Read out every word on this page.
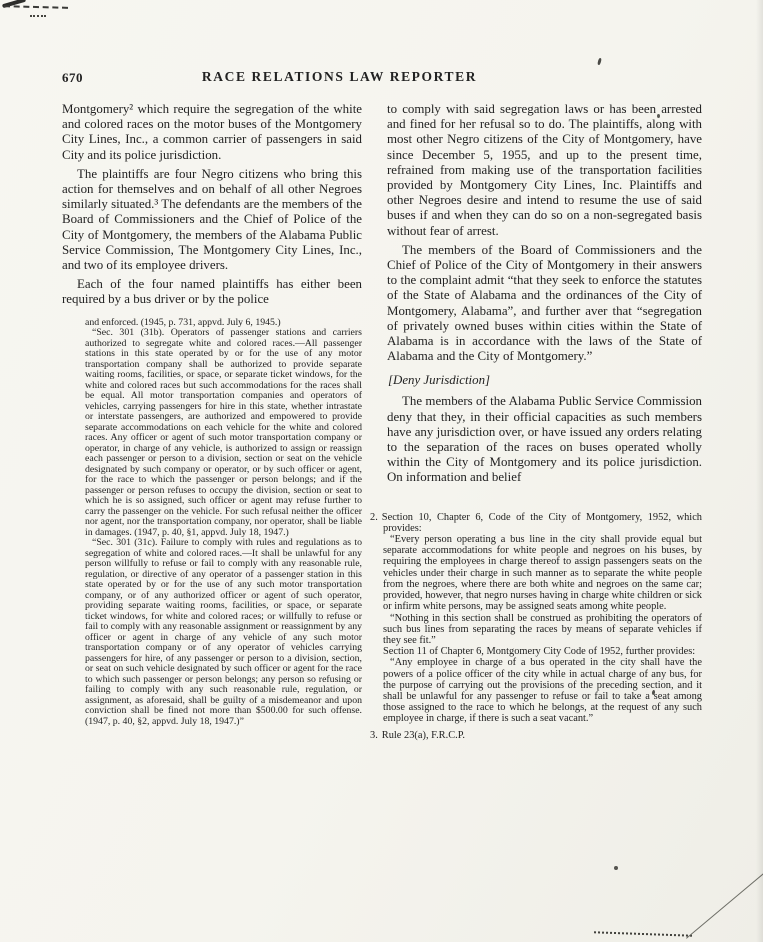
670	RACE RELATIONS LAW REPORTER

Montgomery² which require the segregation of the white and colored races on the motor buses of the Montgomery City Lines, Inc., a common carrier of passengers in said City and its police jurisdiction.

The plaintiffs are four Negro citizens who bring this action for themselves and on behalf of all other Negroes similarly situated.³ The defendants are the members of the Board of Commissioners and the Chief of Police of the City of Montgomery, the members of the Alabama Public Service Commission, The Montgomery City Lines, Inc., and two of its employee drivers.

Each of the four named plaintiffs has either been required by a bus driver or by the police

and enforced. (1945, p. 731, appvd. July 6, 1945.)

“Sec. 301 (31b). Operators of passenger stations and carriers authorized to segregate white and colored races.—All passenger stations in this state operated by or for the use of any motor transportation company shall be authorized to provide separate waiting rooms, facilities, or space, or separate ticket windows, for the white and colored races but such accommodations for the races shall be equal. All motor transportation companies and operators of vehicles, carrying passengers for hire in this state, whether intrastate or interstate passengers, are authorized and empowered to provide separate accommodations on each vehicle for the white and colored races. Any officer or agent of such motor transportation company or operator, in charge of any vehicle, is authorized to assign or reassign each passenger or person to a division, section or seat on the vehicle designated by such company or operator, or by such officer or agent, for the race to which the passenger or person belongs; and if the passenger or person refuses to occupy the division, section or seat to which he is so assigned, such officer or agent may refuse further to carry the passenger on the vehicle. For such refusal neither the officer nor agent, nor the transportation company, nor operator, shall be liable in damages. (1947, p. 40, §1, appvd. July 18, 1947.)

“Sec. 301 (31c). Failure to comply with rules and regulations as to segregation of white and colored races.—It shall be unlawful for any person willfully to refuse or fail to comply with any reasonable rule, regulation, or directive of any operator of a passenger station in this state operated by or for the use of any such motor transportation company, or of any authorized officer or agent of such operator, providing separate waiting rooms, facilities, or space, or separate ticket windows, for white and colored races; or willfully to refuse or fail to comply with any reasonable assignment or reassignment by any officer or agent in charge of any vehicle of any such motor transportation company or of any operator of vehicles carrying passengers for hire, of any passenger or person to a division, section, or seat on such vehicle designated by such officer or agent for the race to which such passenger or person belongs; any person so refusing or failing to comply with any such reasonable rule, regulation, or assignment, as aforesaid, shall be guilty of a misdemeanor and upon conviction shall be fined not more than $500.00 for such offense. (1947, p. 40, §2, appvd. July 18, 1947.)”

to comply with said segregation laws or has been arrested and fined for her refusal so to do. The plaintiffs, along with most other Negro citizens of the City of Montgomery, have since December 5, 1955, and up to the present time, refrained from making use of the transportation facilities provided by Montgomery City Lines, Inc. Plaintiffs and other Negroes desire and intend to resume the use of said buses if and when they can do so on a non-segregated basis without fear of arrest.

The members of the Board of Commissioners and the Chief of Police of the City of Montgomery in their answers to the complaint admit “that they seek to enforce the statutes of the State of Alabama and the ordinances of the City of Montgomery, Alabama”, and further aver that “segregation of privately owned buses within cities within the State of Alabama is in accordance with the laws of the State of Alabama and the City of Montgomery.”

[Deny Jurisdiction]

The members of the Alabama Public Service Commission deny that they, in their official capacities as such members have any jurisdiction over, or have issued any orders relating to the separation of the races on buses operated wholly within the City of Montgomery and its police jurisdiction. On information and belief

2. Section 10, Chapter 6, Code of the City of Montgomery, 1952, which provides:

“Every person operating a bus line in the city shall provide equal but separate accommodations for white people and negroes on his buses, by requiring the employees in charge thereof to assign passengers seats on the vehicles under their charge in such manner as to separate the white people from the negroes, where there are both white and negroes on the same car; provided, however, that negro nurses having in charge white children or sick or infirm white persons, may be assigned seats among white people.

“Nothing in this section shall be construed as prohibiting the operators of such bus lines from separating the races by means of separate vehicles if they see fit.”

Section 11 of Chapter 6, Montgomery City Code of 1952, further provides:

“Any employee in charge of a bus operated in the city shall have the powers of a police officer of the city while in actual charge of any bus, for the purpose of carrying out the provisions of the preceding section, and it shall be unlawful for any passenger to refuse or fail to take a seat among those assigned to the race to which he belongs, at the request of any such employee in charge, if there is such a seat vacant.”

3. Rule 23(a), F.R.C.P.
